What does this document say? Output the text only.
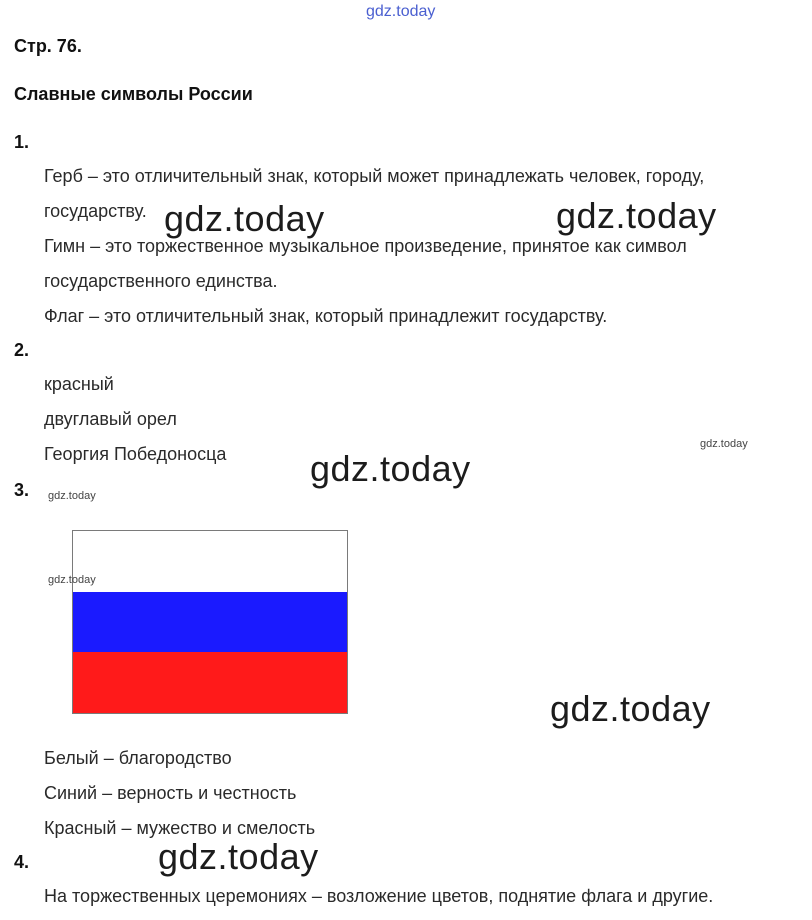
gdz.today
Стр. 76.
Славные символы России
1.
Герб – это отличительный знак, который может принадлежать человек, городу,
государству.
Гимн – это торжественное музыкальное произведение, принятое как символ
государственного единства.
Флаг – это отличительный знак, который принадлежит государству.
2.
красный
двуглавый орел
Георгия Победоносца
3.
Белый – благородство
Синий – верность и честность
Красный – мужество и смелость
4.
На торжественных церемониях – возложение цветов, поднятие флага и другие.
gdz.today	gdz.today
gdz.today
gdz.today
gdz.today
gdz.today
gdz.today
gdz.today
